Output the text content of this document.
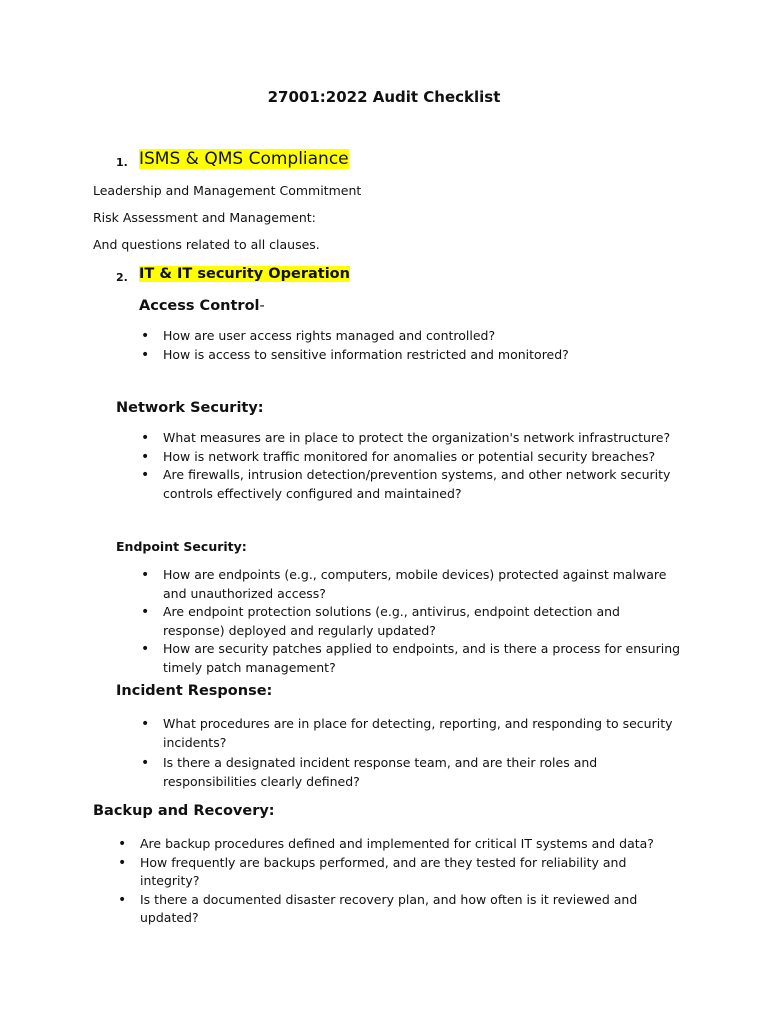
27001:2022 Audit Checklist
1. ISMS & QMS Compliance
Leadership and Management Commitment
Risk Assessment and Management:
And questions related to all clauses.
2. IT & IT security Operation
Access Control-
• How are user access rights managed and controlled?
• How is access to sensitive information restricted and monitored?
Network Security:
• What measures are in place to protect the organization's network infrastructure?
• How is network traffic monitored for anomalies or potential security breaches?
• Are firewalls, intrusion detection/prevention systems, and other network security controls effectively configured and maintained?
Endpoint Security:
• How are endpoints (e.g., computers, mobile devices) protected against malware and unauthorized access?
• Are endpoint protection solutions (e.g., antivirus, endpoint detection and response) deployed and regularly updated?
• How are security patches applied to endpoints, and is there a process for ensuring timely patch management?
Incident Response:
• What procedures are in place for detecting, reporting, and responding to security incidents?
• Is there a designated incident response team, and are their roles and responsibilities clearly defined?
Backup and Recovery:
• Are backup procedures defined and implemented for critical IT systems and data?
• How frequently are backups performed, and are they tested for reliability and integrity?
• Is there a documented disaster recovery plan, and how often is it reviewed and updated?
